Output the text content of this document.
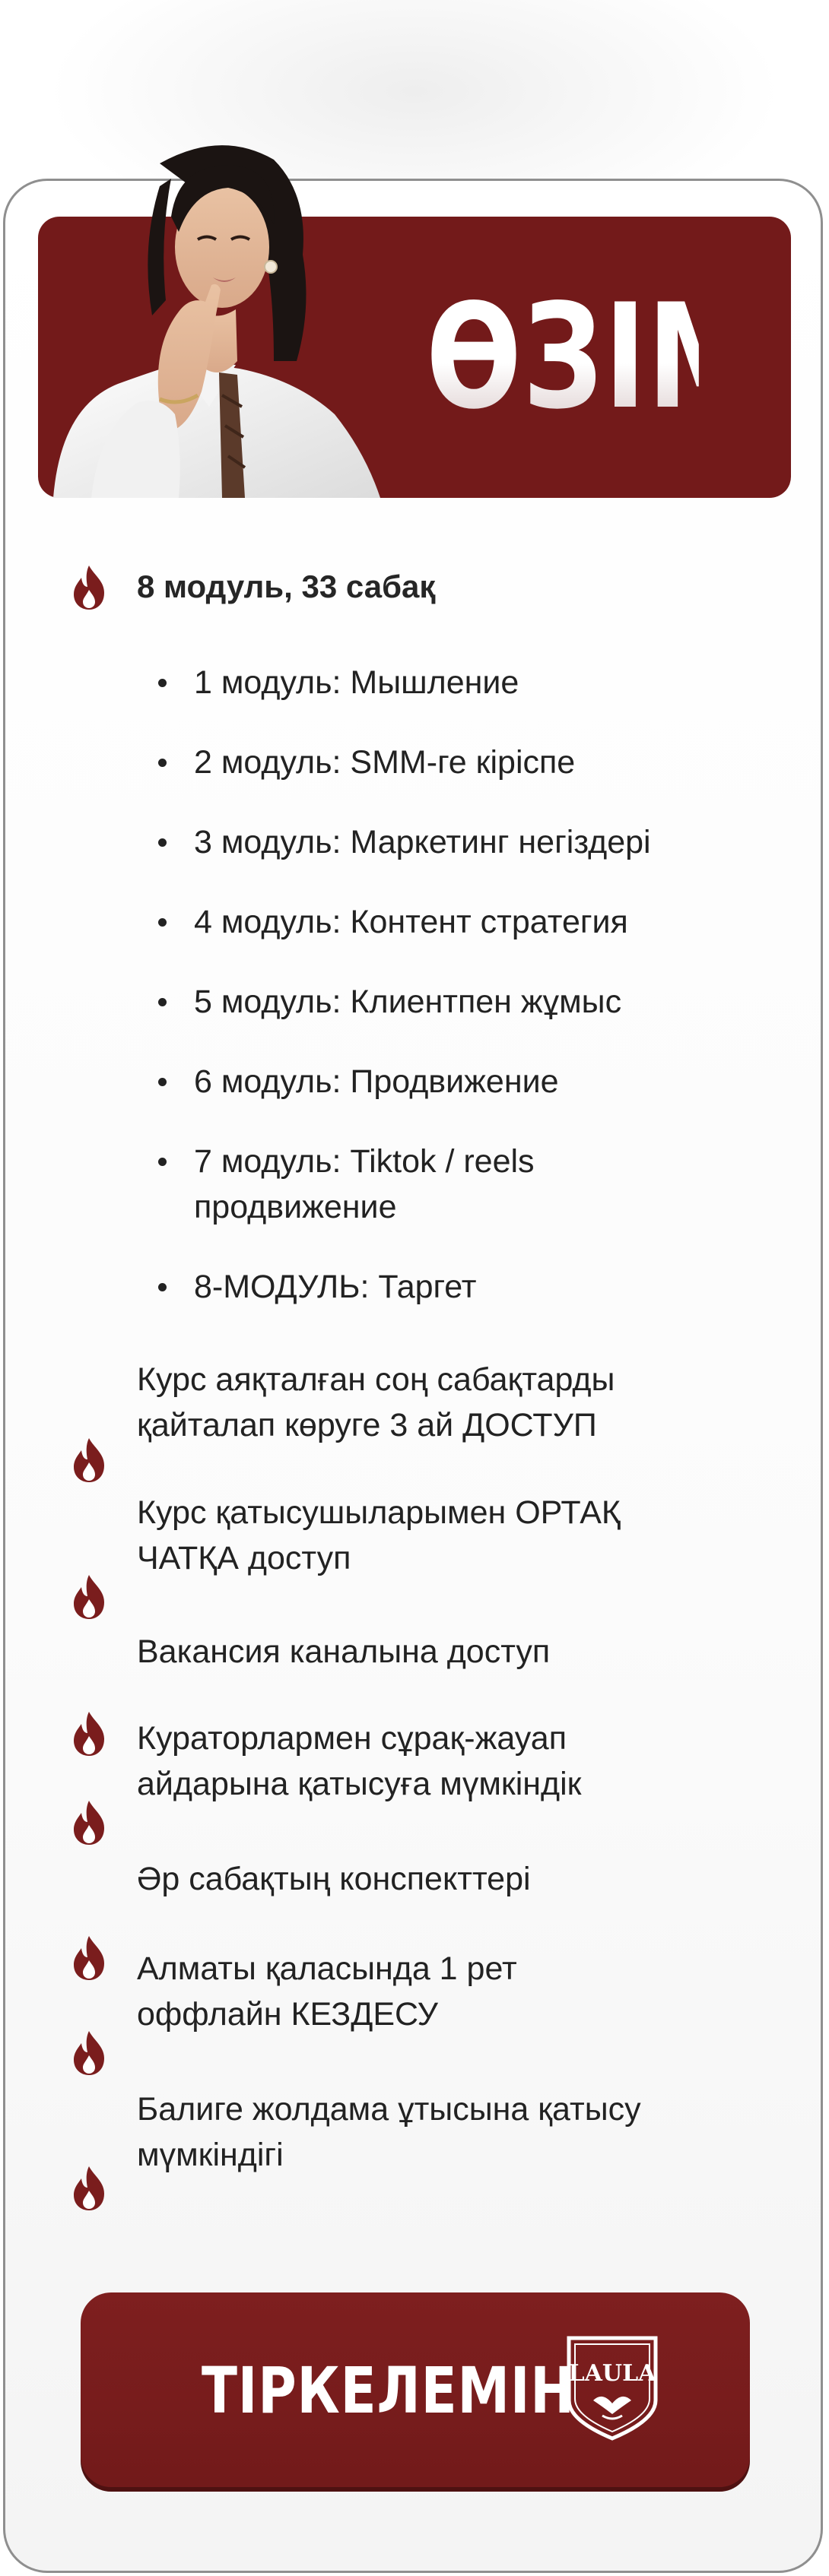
ӨЗІМ
8 модуль, 33 сабақ
1 модуль: Мышление
2 модуль: SMM-ге кіріспе
3 модуль: Маркетинг негіздері
4 модуль: Контент стратегия
5 модуль: Клиентпен жұмыс
6 модуль: Продвижение
7 модуль: Tiktok / reels
продвижение
8-МОДУЛЬ: Таргет
Курс аяқталған соң сабақтарды
қайталап көруге 3 ай ДОСТУП
Курс қатысушыларымен ОРТАҚ
ЧАТҚА доступ
Вакансия каналына доступ
Кураторлармен сұрақ-жауап
айдарына қатысуға мүмкіндік
Әр сабақтың конспекттері
Алматы қаласында 1 рет
оффлайн КЕЗДЕСУ
Балиге жолдама ұтысына қатысу
мүмкіндігі
ТІРКЕЛЕМІН
LAULA
